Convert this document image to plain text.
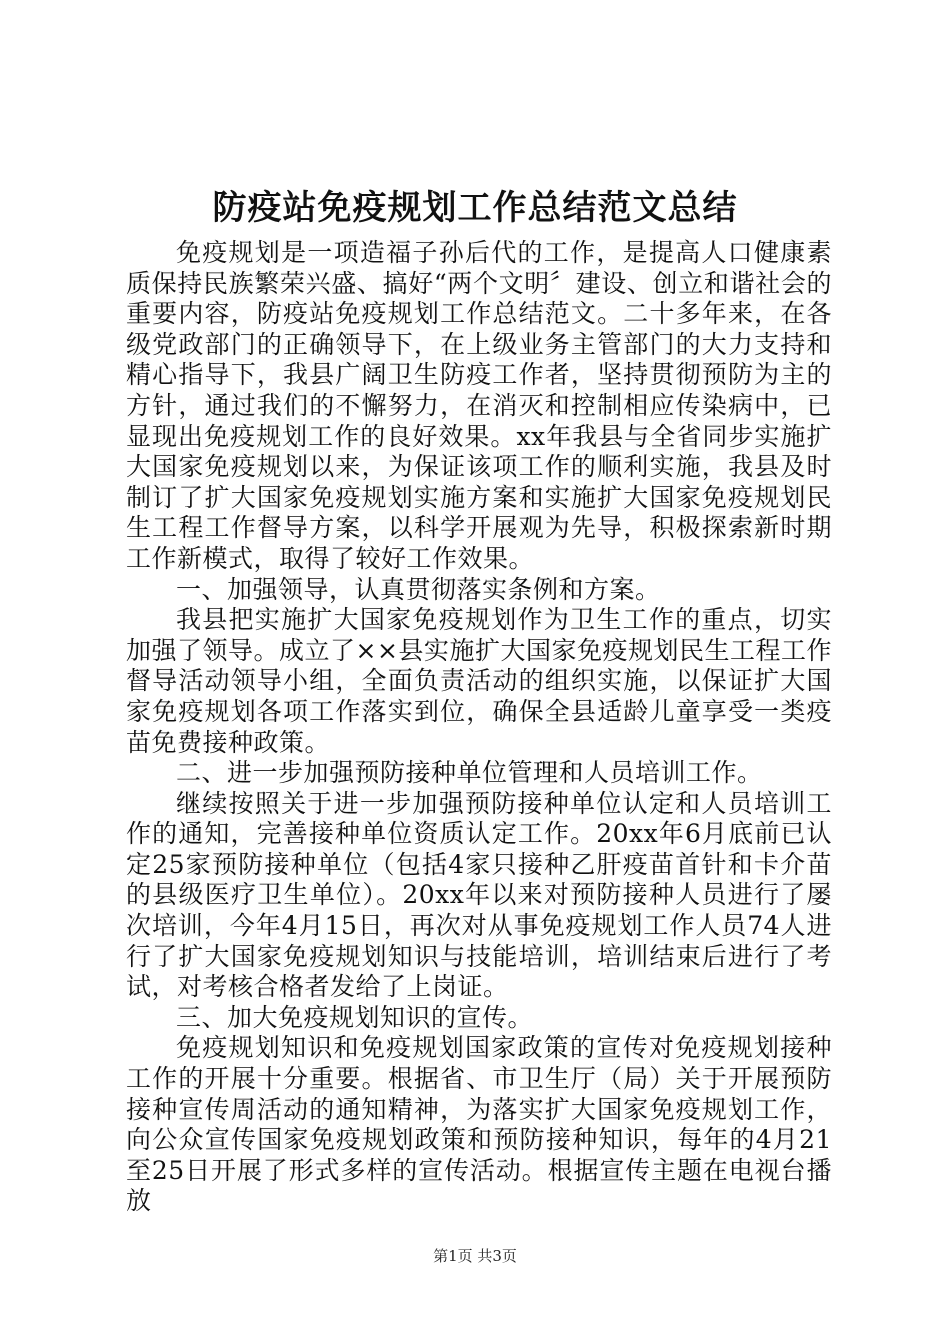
防疫站免疫规划工作总结范文总结

免疫规划是一项造福子孙后代的工作，是提高人口健康素质保持民族繁荣兴盛、搞好“两个文明〞建设、创立和谐社会的重要内容，防疫站免疫规划工作总结范文。二十多年来，在各级党政部门的正确领导下，在上级业务主管部门的大力支持和精心指导下，我县广阔卫生防疫工作者，坚持贯彻预防为主的方针，通过我们的不懈努力，在消灭和控制相应传染病中，已显现出免疫规划工作的良好效果。xx年我县与全省同步实施扩大国家免疫规划以来，为保证该项工作的顺利实施，我县及时制订了扩大国家免疫规划实施方案和实施扩大国家免疫规划民生工程工作督导方案，以科学开展观为先导，积极探索新时期工作新模式，取得了较好工作效果。

一、加强领导，认真贯彻落实条例和方案。

我县把实施扩大国家免疫规划作为卫生工作的重点，切实加强了领导。成立了××县实施扩大国家免疫规划民生工程工作督导活动领导小组，全面负责活动的组织实施，以保证扩大国家免疫规划各项工作落实到位，确保全县适龄儿童享受一类疫苗免费接种政策。

二、进一步加强预防接种单位管理和人员培训工作。

继续按照关于进一步加强预防接种单位认定和人员培训工作的通知，完善接种单位资质认定工作。20xx年6月底前已认定25家预防接种单位（包括4家只接种乙肝疫苗首针和卡介苗的县级医疗卫生单位）。20xx年以来对预防接种人员进行了屡次培训，今年4月15日，再次对从事免疫规划工作人员74人进行了扩大国家免疫规划知识与技能培训，培训结束后进行了考试，对考核合格者发给了上岗证。

三、加大免疫规划知识的宣传。

免疫规划知识和免疫规划国家政策的宣传对免疫规划接种工作的开展十分重要。根据省、市卫生厅（局）关于开展预防接种宣传周活动的通知精神，为落实扩大国家免疫规划工作，向公众宣传国家免疫规划政策和预防接种知识，每年的4月21至25日开展了形式多样的宣传活动。根据宣传主题在电视台播放

第1页 共3页
